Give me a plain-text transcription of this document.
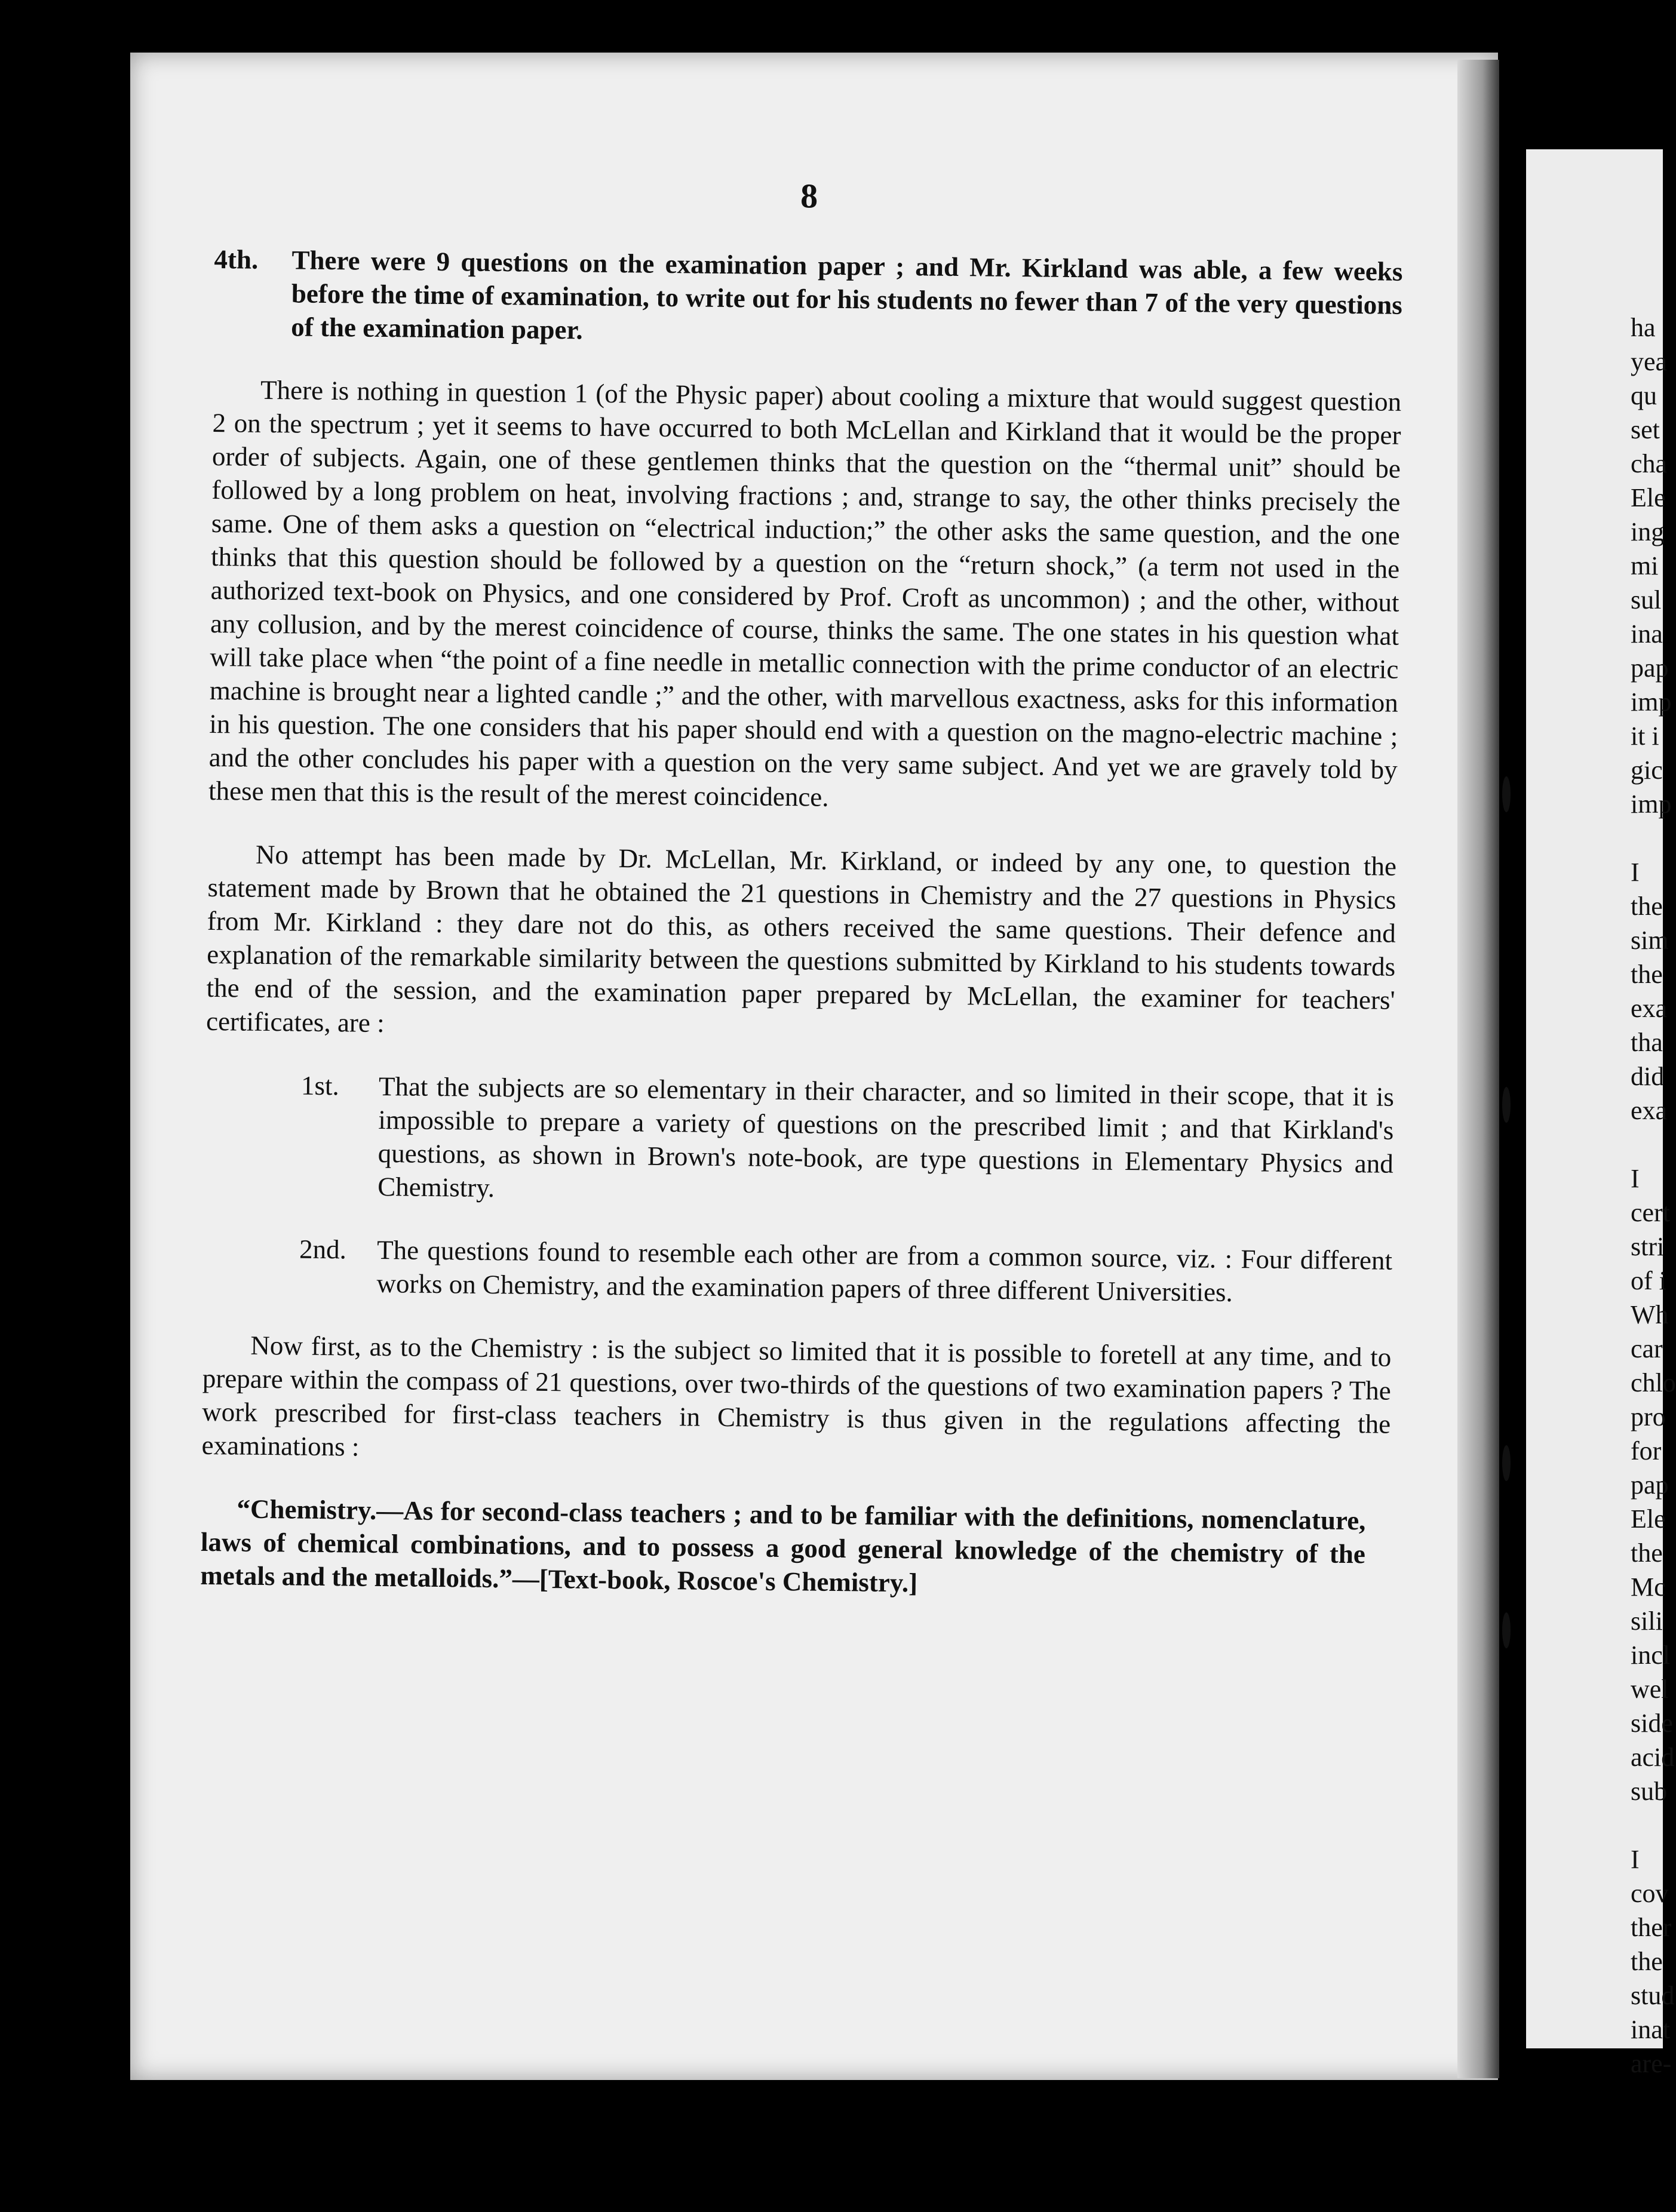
8
4th.	There were 9 questions on the examination paper ; and Mr. Kirkland was able, a few weeks before the time of examination, to write out for his students no fewer than 7 of the very questions of the examination paper.

There is nothing in question 1 (of the Physic paper) about cooling a mixture that would suggest question 2 on the spectrum ; yet it seems to have occurred to both McLellan and Kirkland that it would be the proper order of subjects. Again, one of these gentlemen thinks that the question on the “thermal unit” should be followed by a long problem on heat, involving fractions ; and, strange to say, the other thinks precisely the same. One of them asks a question on “electrical induction;” the other asks the same question, and the one thinks that this question should be followed by a question on the “return shock,” (a term not used in the authorized text-book on Physics, and one considered by Prof. Croft as uncommon) ; and the other, without any collusion, and by the merest coincidence of course, thinks the same. The one states in his question what will take place when “the point of a fine needle in metallic connection with the prime conductor of an electric machine is brought near a lighted candle ;” and the other, with marvellous exactness, asks for this information in his question. The one considers that his paper should end with a question on the magno-electric machine ; and the other concludes his paper with a question on the very same subject. And yet we are gravely told by these men that this is the result of the merest coincidence.

No attempt has been made by Dr. McLellan, Mr. Kirkland, or indeed by any one, to question the statement made by Brown that he obtained the 21 questions in Chemistry and the 27 questions in Physics from Mr. Kirkland : they dare not do this, as others received the same questions. Their defence and explanation of the remarkable similarity between the questions submitted by Kirkland to his students towards the end of the session, and the examination paper prepared by McLellan, the examiner for teachers' certificates, are :

1st.	That the subjects are so elementary in their character, and so limited in their scope, that it is impossible to prepare a variety of questions on the prescribed limit ; and that Kirkland's questions, as shown in Brown's note-book, are type questions in Elementary Physics and Chemistry.
2nd.	The questions found to resemble each other are from a common source, viz. : Four different works on Chemistry, and the examination papers of three different Universities.

Now first, as to the Chemistry : is the subject so limited that it is possible to foretell at any time, and to prepare within the compass of 21 questions, over two-thirds of the questions of two examination papers ? The work prescribed for first-class teachers in Chemistry is thus given in the regulations affecting the examinations :

“Chemistry.—As for second-class teachers ; and to be familiar with the definitions, nomenclature, laws of chemical combinations, and to possess a good general knowledge of the chemistry of the metals and the metalloids.”—[Text-book, Roscoe's Chemistry.]

ha
yea
qu
set
cha
Ele
ing
mi
sul
ina
pap
imp
it i
gic
imp

I
the
sim
the
exa
tha
did
exa

I
cert
stri
of i
Wh
car
chlo
pro
for
pap
Ele
the
Mc
sili
incl
wel
side
acid
sub

I
cov
ther
the
stud
inat
are-
